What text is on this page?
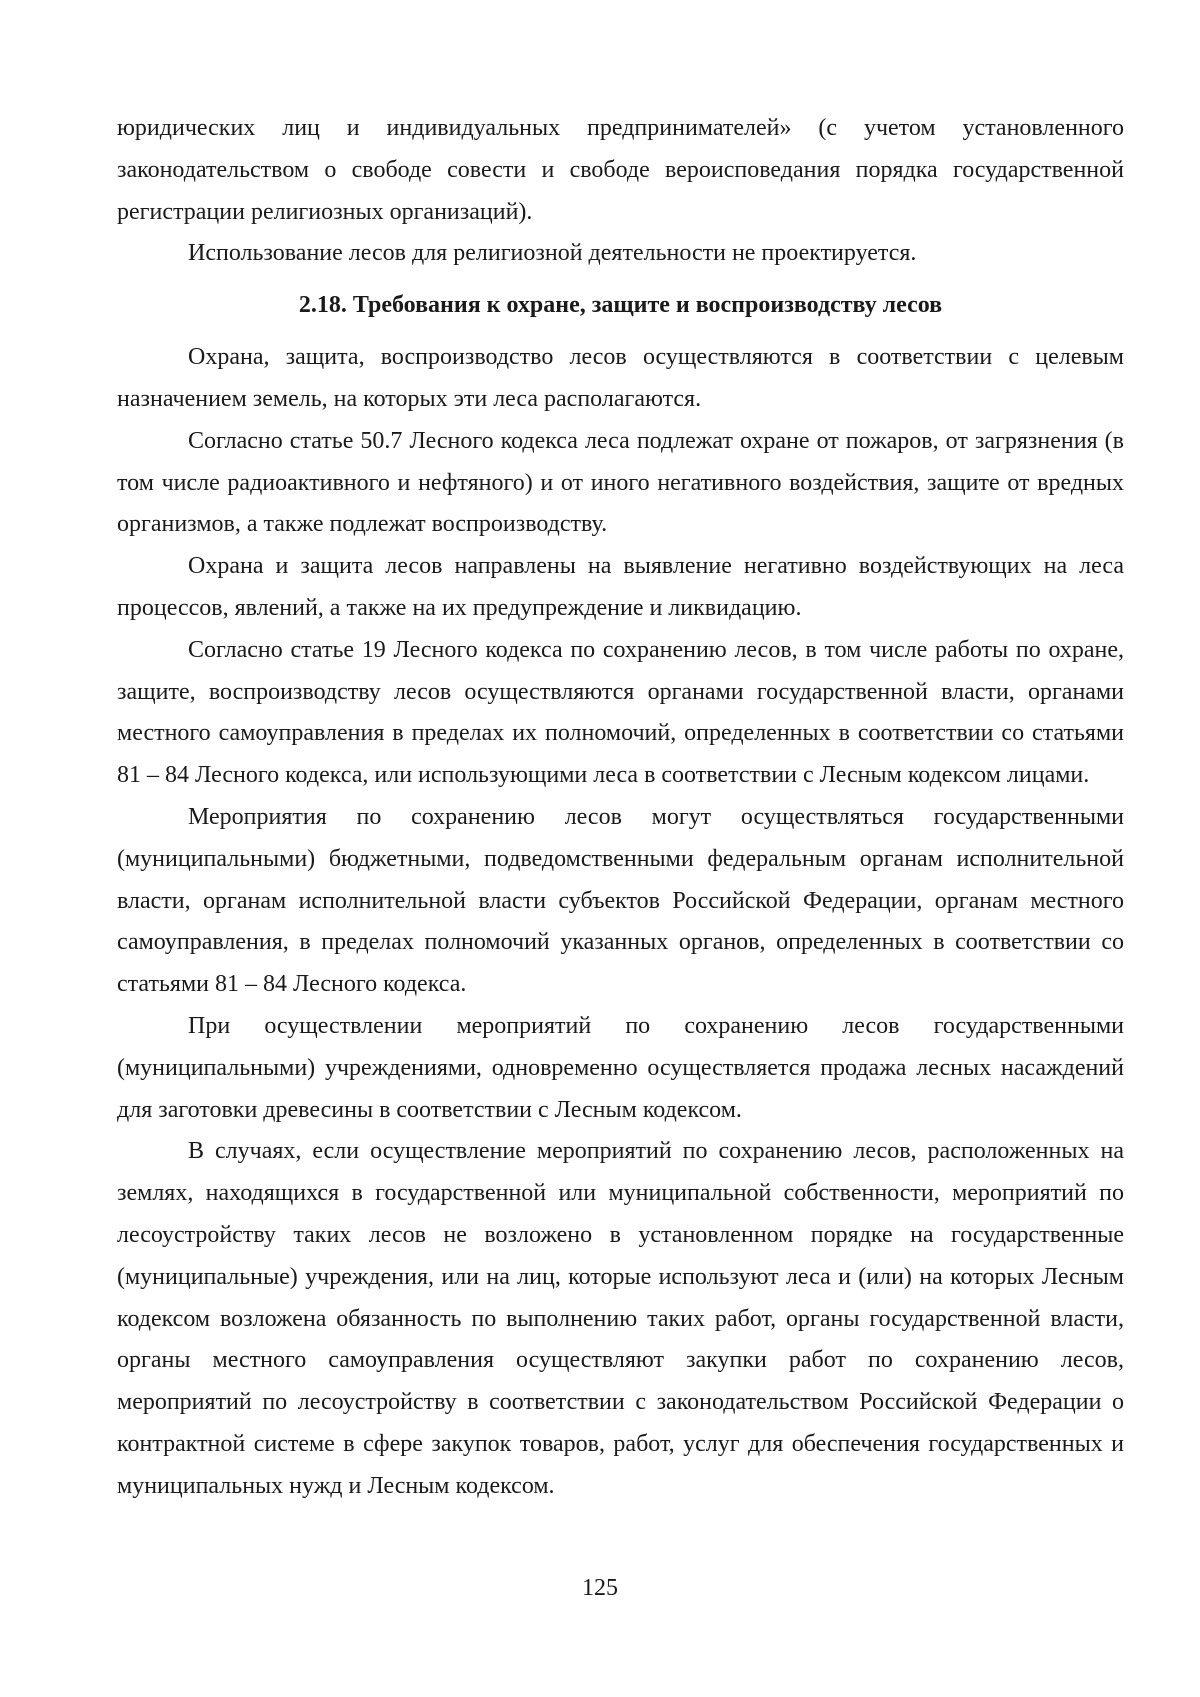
юридических лиц и индивидуальных предпринимателей» (с учетом установленного законодательством о свободе совести и свободе вероисповедания порядка государственной регистрации религиозных организаций).

Использование лесов для религиозной деятельности не проектируется.

2.18. Требования к охране, защите и воспроизводству лесов

Охрана, защита, воспроизводство лесов осуществляются в соответствии с целевым назначением земель, на которых эти леса располагаются.

Согласно статье 50.7 Лесного кодекса леса подлежат охране от пожаров, от загрязнения (в том числе радиоактивного и нефтяного) и от иного негативного воздействия, защите от вредных организмов, а также подлежат воспроизводству.

Охрана и защита лесов направлены на выявление негативно воздействующих на леса процессов, явлений, а также на их предупреждение и ликвидацию.

Согласно статье 19 Лесного кодекса по сохранению лесов, в том числе работы по охране, защите, воспроизводству лесов осуществляются органами государственной власти, органами местного самоуправления в пределах их полномочий, определенных в соответствии со статьями 81 – 84 Лесного кодекса, или использующими леса в соответствии с Лесным кодексом лицами.

Мероприятия по сохранению лесов могут осуществляться государственными (муниципальными) бюджетными, подведомственными федеральным органам исполнительной власти, органам исполнительной власти субъектов Российской Федерации, органам местного самоуправления, в пределах полномочий указанных органов, определенных в соответствии со статьями 81 – 84 Лесного кодекса.

При осуществлении мероприятий по сохранению лесов государственными (муниципальными) учреждениями, одновременно осуществляется продажа лесных насаждений для заготовки древесины в соответствии с Лесным кодексом.

В случаях, если осуществление мероприятий по сохранению лесов, расположенных на землях, находящихся в государственной или муниципальной собственности, мероприятий по лесоустройству таких лесов не возложено в установленном порядке на государственные (муниципальные) учреждения, или на лиц, которые используют леса и (или) на которых Лесным кодексом возложена обязанность по выполнению таких работ, органы государственной власти, органы местного самоуправления осуществляют закупки работ по сохранению лесов, мероприятий по лесоустройству в соответствии с законодательством Российской Федерации о контрактной системе в сфере закупок товаров, работ, услуг для обеспечения государственных и муниципальных нужд и Лесным кодексом.

125
